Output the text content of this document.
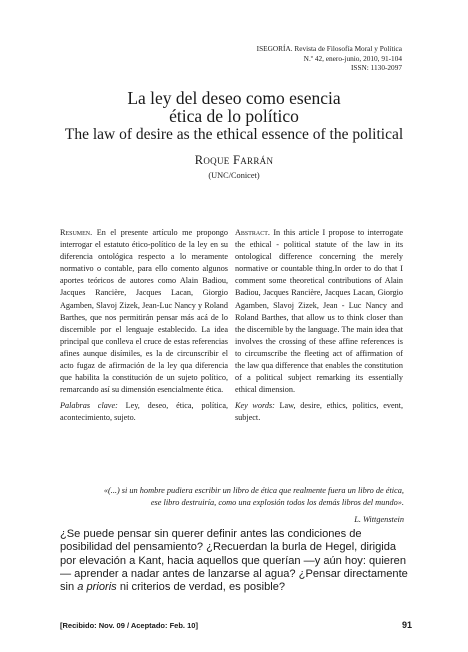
ISEGORÍA. Revista de Filosofía Moral y Política
N.º 42, enero-junio, 2010, 91-104
ISSN: 1130-2097
La ley del deseo como esencia
ética de lo político
The law of desire as the ethical essence of the political
Roque Farrán
(UNC/Conicet)
Resumen. En el presente artículo me propongo interrogar el estatuto ético-político de la ley en su diferencia ontológica respecto a lo meramente normativo o contable, para ello comento algunos aportes teóricos de autores como Alain Badiou, Jacques Rancière, Jacques Lacan, Giorgio Agamben, Slavoj Zizek, Jean-Luc Nancy y Roland Barthes, que nos permitirán pensar más acá de lo discernible por el lenguaje establecido. La idea principal que conlleva el cruce de estas referencias afines aunque disímiles, es la de circunscribir el acto fugaz de afirmación de la ley qua diferencia que habilita la constitución de un sujeto político, remarcando así su dimensión esencialmente ética.
Palabras clave: Ley, deseo, ética, política, acontecimiento, sujeto.
Abstract. In this article I propose to interrogate the ethical - political statute of the law in its ontological difference concerning the merely normative or countable thing.In order to do that I comment some theoretical contributions of Alain Badiou, Jacques Rancière, Jacques Lacan, Giorgio Agamben, Slavoj Zizek, Jean - Luc Nancy and Roland Barthes, that allow us to think closer than the discernible by the language. The main idea that involves the crossing of these affine references is to circumscribe the fleeting act of affirmation of the law qua difference that enables the constitution of a political subject remarking its essentially ethical dimension.
Key words: Law, desire, ethics, politics, event, subject.
«(...) si un hombre pudiera escribir un libro de ética que realmente fuera un libro de ética,
ese libro destruiría, como una explosión todos los demás libros del mundo».
L. Wittgenstein
¿Se puede pensar sin querer definir antes las condiciones de posibilidad del pensamiento? ¿Recuerdan la burla de Hegel, dirigida por elevación a Kant, hacia aquellos que querían —y aún hoy: quieren— aprender a nadar antes de lanzarse al agua? ¿Pensar directamente sin a prioris ni criterios de verdad, es posible?
[Recibido: Nov. 09 / Aceptado: Feb. 10]	91
